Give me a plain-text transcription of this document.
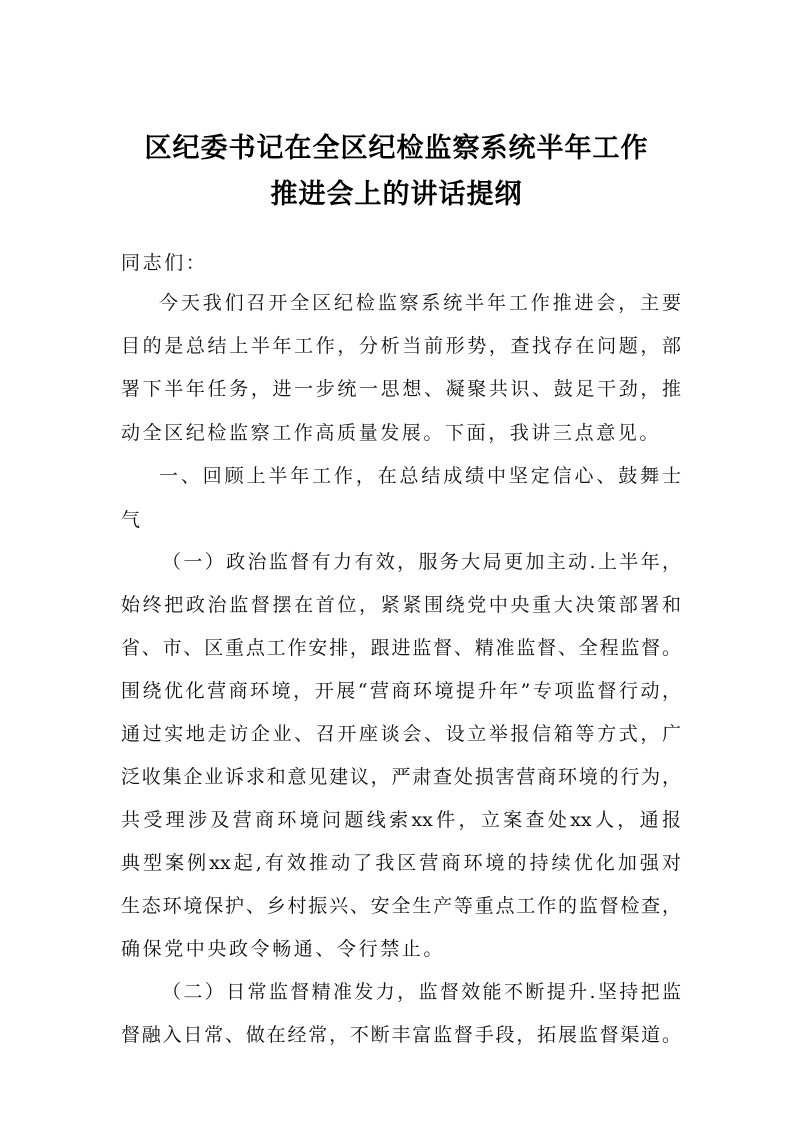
区纪委书记在全区纪检监察系统半年工作
推进会上的讲话提纲
同志们：
今天我们召开全区纪检监察系统半年工作推进会，主要
目的是总结上半年工作，分析当前形势，查找存在问题，部
署下半年任务，进一步统一思想、凝聚共识、鼓足干劲，推
动全区纪检监察工作高质量发展。下面，我讲三点意见。
一、回顾上半年工作，在总结成绩中坚定信心、鼓舞士
气
（一）政治监督有力有效，服务大局更加主动.上半年，
始终把政治监督摆在首位，紧紧围绕党中央重大决策部署和
省、市、区重点工作安排，跟进监督、精准监督、全程监督。
围绕优化营商环境，开展“营商环境提升年”专项监督行动，
通过实地走访企业、召开座谈会、设立举报信箱等方式，广
泛收集企业诉求和意见建议，严肃查处损害营商环境的行为，
共受理涉及营商环境问题线索xx件，立案查处xx人，通报
典型案例xx起,有效推动了我区营商环境的持续优化加强对
生态环境保护、乡村振兴、安全生产等重点工作的监督检查，
确保党中央政令畅通、令行禁止。
（二）日常监督精准发力，监督效能不断提升.坚持把监
督融入日常、做在经常，不断丰富监督手段，拓展监督渠道。
